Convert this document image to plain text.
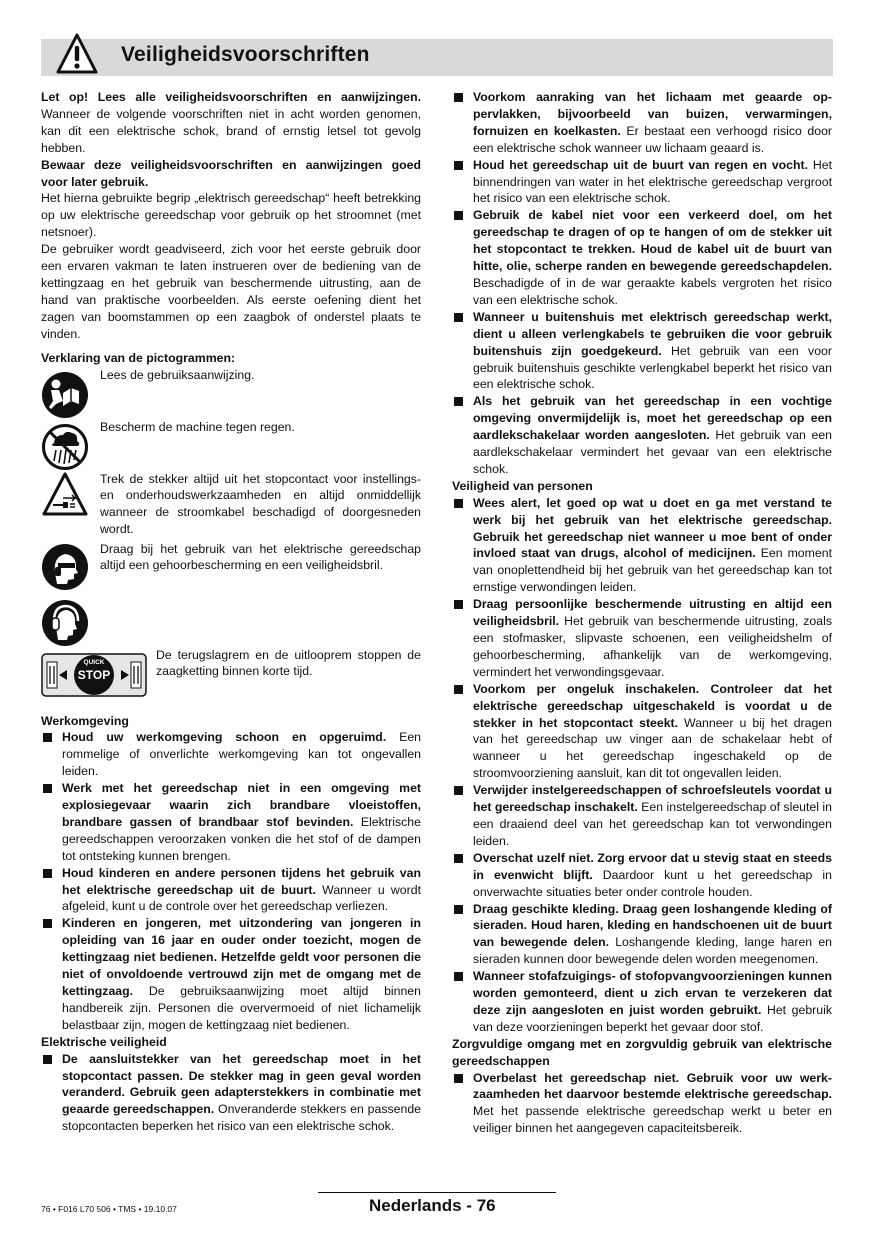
Veiligheidsvoorschriften

Let op! Lees alle veiligheidsvoorschriften en aanwijzingen. Wanneer de volgende voorschriften niet in acht worden genomen, kan dit een elektrische schok, brand of ernstig letsel tot gevolg hebben.

Bewaar deze veiligheidsvoorschriften en aanwijzingen goed voor later gebruik.

Het hierna gebruikte begrip „elektrisch gereedschap“ heeft betrekking op uw elektrische gereedschap voor gebruik op het stroomnet (met netsnoer).

De gebruiker wordt geadviseerd, zich voor het eerste gebruik door een ervaren vakman te laten instrueren over de bediening van de kettingzaag en het gebruik van beschermende uitrusting, aan de hand van praktische voorbeelden. Als eerste oefening dient het zagen van boomstammen op een zaagbok of onderstel plaats te vinden.

Verklaring van de pictogrammen:

Lees de gebruiksaanwijzing.

Bescherm de machine tegen regen.

Trek de stekker altijd uit het stopcontact voor instellings- en onderhoudswerkzaamheden en altijd onmiddellijk wanneer de stroomkabel beschadigd of doorgesneden wordt.

Draag bij het gebruik van het elektrische gereedschap altijd een gehoorbescherming en een veiligheidsbril.

QUICK
STOP

De terugslagrem en de uitlooprem stoppen de zaagketting binnen korte tijd.

Werkomgeving

Houd uw werkomgeving schoon en opgeruimd. Een rommelige of onverlichte werkomgeving kan tot ongevallen leiden.

Werk met het gereedschap niet in een omgeving met explosiegevaar waarin zich brandbare vloeistoffen, brandbare gassen of brandbaar stof bevinden. Elektrische gereedschappen veroorzaken vonken die het stof of de dampen tot ontsteking kunnen brengen.

Houd kinderen en andere personen tijdens het gebruik van het elektrische gereedschap uit de buurt. Wanneer u wordt afgeleid, kunt u de controle over het gereedschap verliezen.

Kinderen en jongeren, met uitzondering van jongeren in opleiding van 16 jaar en ouder onder toezicht, mogen de kettingzaag niet bedienen. Hetzelfde geldt voor personen die niet of onvoldoende vertrouwd zijn met de omgang met de kettingzaag. De gebruiksaanwijzing moet altijd binnen handbereik zijn. Personen die oververmoeid of niet lichamelijk belastbaar zijn, mogen de kettingzaag niet bedienen.

Elektrische veiligheid

De aansluitstekker van het gereedschap moet in het stopcontact passen. De stekker mag in geen geval worden veranderd. Gebruik geen adapterstekkers in combinatie met geaarde gereedschappen. Onveranderde stekkers en passende stopcontacten beperken het risico van een elektrische schok.

Voorkom aanraking van het lichaam met geaarde oppervlakken, bijvoorbeeld van buizen, verwarmingen, fornuizen en koelkasten. Er bestaat een verhoogd risico door een elektrische schok wanneer uw lichaam geaard is.

Houd het gereedschap uit de buurt van regen en vocht. Het binnendringen van water in het elektrische gereedschap vergroot het risico van een elektrische schok.

Gebruik de kabel niet voor een verkeerd doel, om het gereedschap te dragen of op te hangen of om de stekker uit het stopcontact te trekken. Houd de kabel uit de buurt van hitte, olie, scherpe randen en bewegende gereedschapdelen. Beschadigde of in de war geraakte kabels vergroten het risico van een elektrische schok.

Wanneer u buitenshuis met elektrisch gereedschap werkt, dient u alleen verlengkabels te gebruiken die voor gebruik buitenshuis zijn goedgekeurd. Het gebruik van een voor gebruik buitenshuis geschikte verlengkabel beperkt het risico van een elektrische schok.

Als het gebruik van het gereedschap in een vochtige omgeving onvermijdelijk is, moet het gereedschap op een aardlekschakelaar worden aangesloten. Het gebruik van een aardlekschakelaar vermindert het gevaar van een elektrische schok.

Veiligheid van personen

Wees alert, let goed op wat u doet en ga met verstand te werk bij het gebruik van het elektrische gereedschap. Gebruik het gereedschap niet wanneer u moe bent of onder invloed staat van drugs, alcohol of medicijnen. Een moment van onoplettendheid bij het gebruik van het gereedschap kan tot ernstige verwondingen leiden.

Draag persoonlijke beschermende uitrusting en altijd een veiligheidsbril. Het gebruik van beschermende uitrusting, zoals een stofmasker, slipvaste schoenen, een veiligheidshelm of gehoorbescherming, afhankelijk van de werkomgeving, vermindert het verwondingsgevaar.

Voorkom per ongeluk inschakelen. Controleer dat het elektrische gereedschap uitgeschakeld is voordat u de stekker in het stopcontact steekt. Wanneer u bij het dragen van het gereedschap uw vinger aan de schakelaar hebt of wanneer u het gereedschap ingeschakeld op de stroomvoorziening aansluit, kan dit tot ongevallen leiden.

Verwijder instelgereedschappen of schroefsleutels voordat u het gereedschap inschakelt. Een instelgereedschap of sleutel in een draaiend deel van het gereedschap kan tot verwondingen leiden.

Overschat uzelf niet. Zorg ervoor dat u stevig staat en steeds in evenwicht blijft. Daardoor kunt u het gereedschap in onverwachte situaties beter onder controle houden.

Draag geschikte kleding. Draag geen loshangende kleding of sieraden. Houd haren, kleding en handschoenen uit de buurt van bewegende delen. Loshangende kleding, lange haren en sieraden kunnen door bewegende delen worden meegenomen.

Wanneer stofafzuigings- of stofopvangvoorzieningen kunnen worden gemonteerd, dient u zich ervan te verzekeren dat deze zijn aangesloten en juist worden gebruikt. Het gebruik van deze voorzieningen beperkt het gevaar door stof.

Zorgvuldige omgang met en zorgvuldig gebruik van elektrische gereedschappen

Overbelast het gereedschap niet. Gebruik voor uw werkzaamheden het daarvoor bestemde elektrische gereedschap. Met het passende elektrische gereedschap werkt u beter en veiliger binnen het aangegeven capaciteitsbereik.

76 • F016 L70 506 • TMS • 19.10.07	Nederlands - 76
